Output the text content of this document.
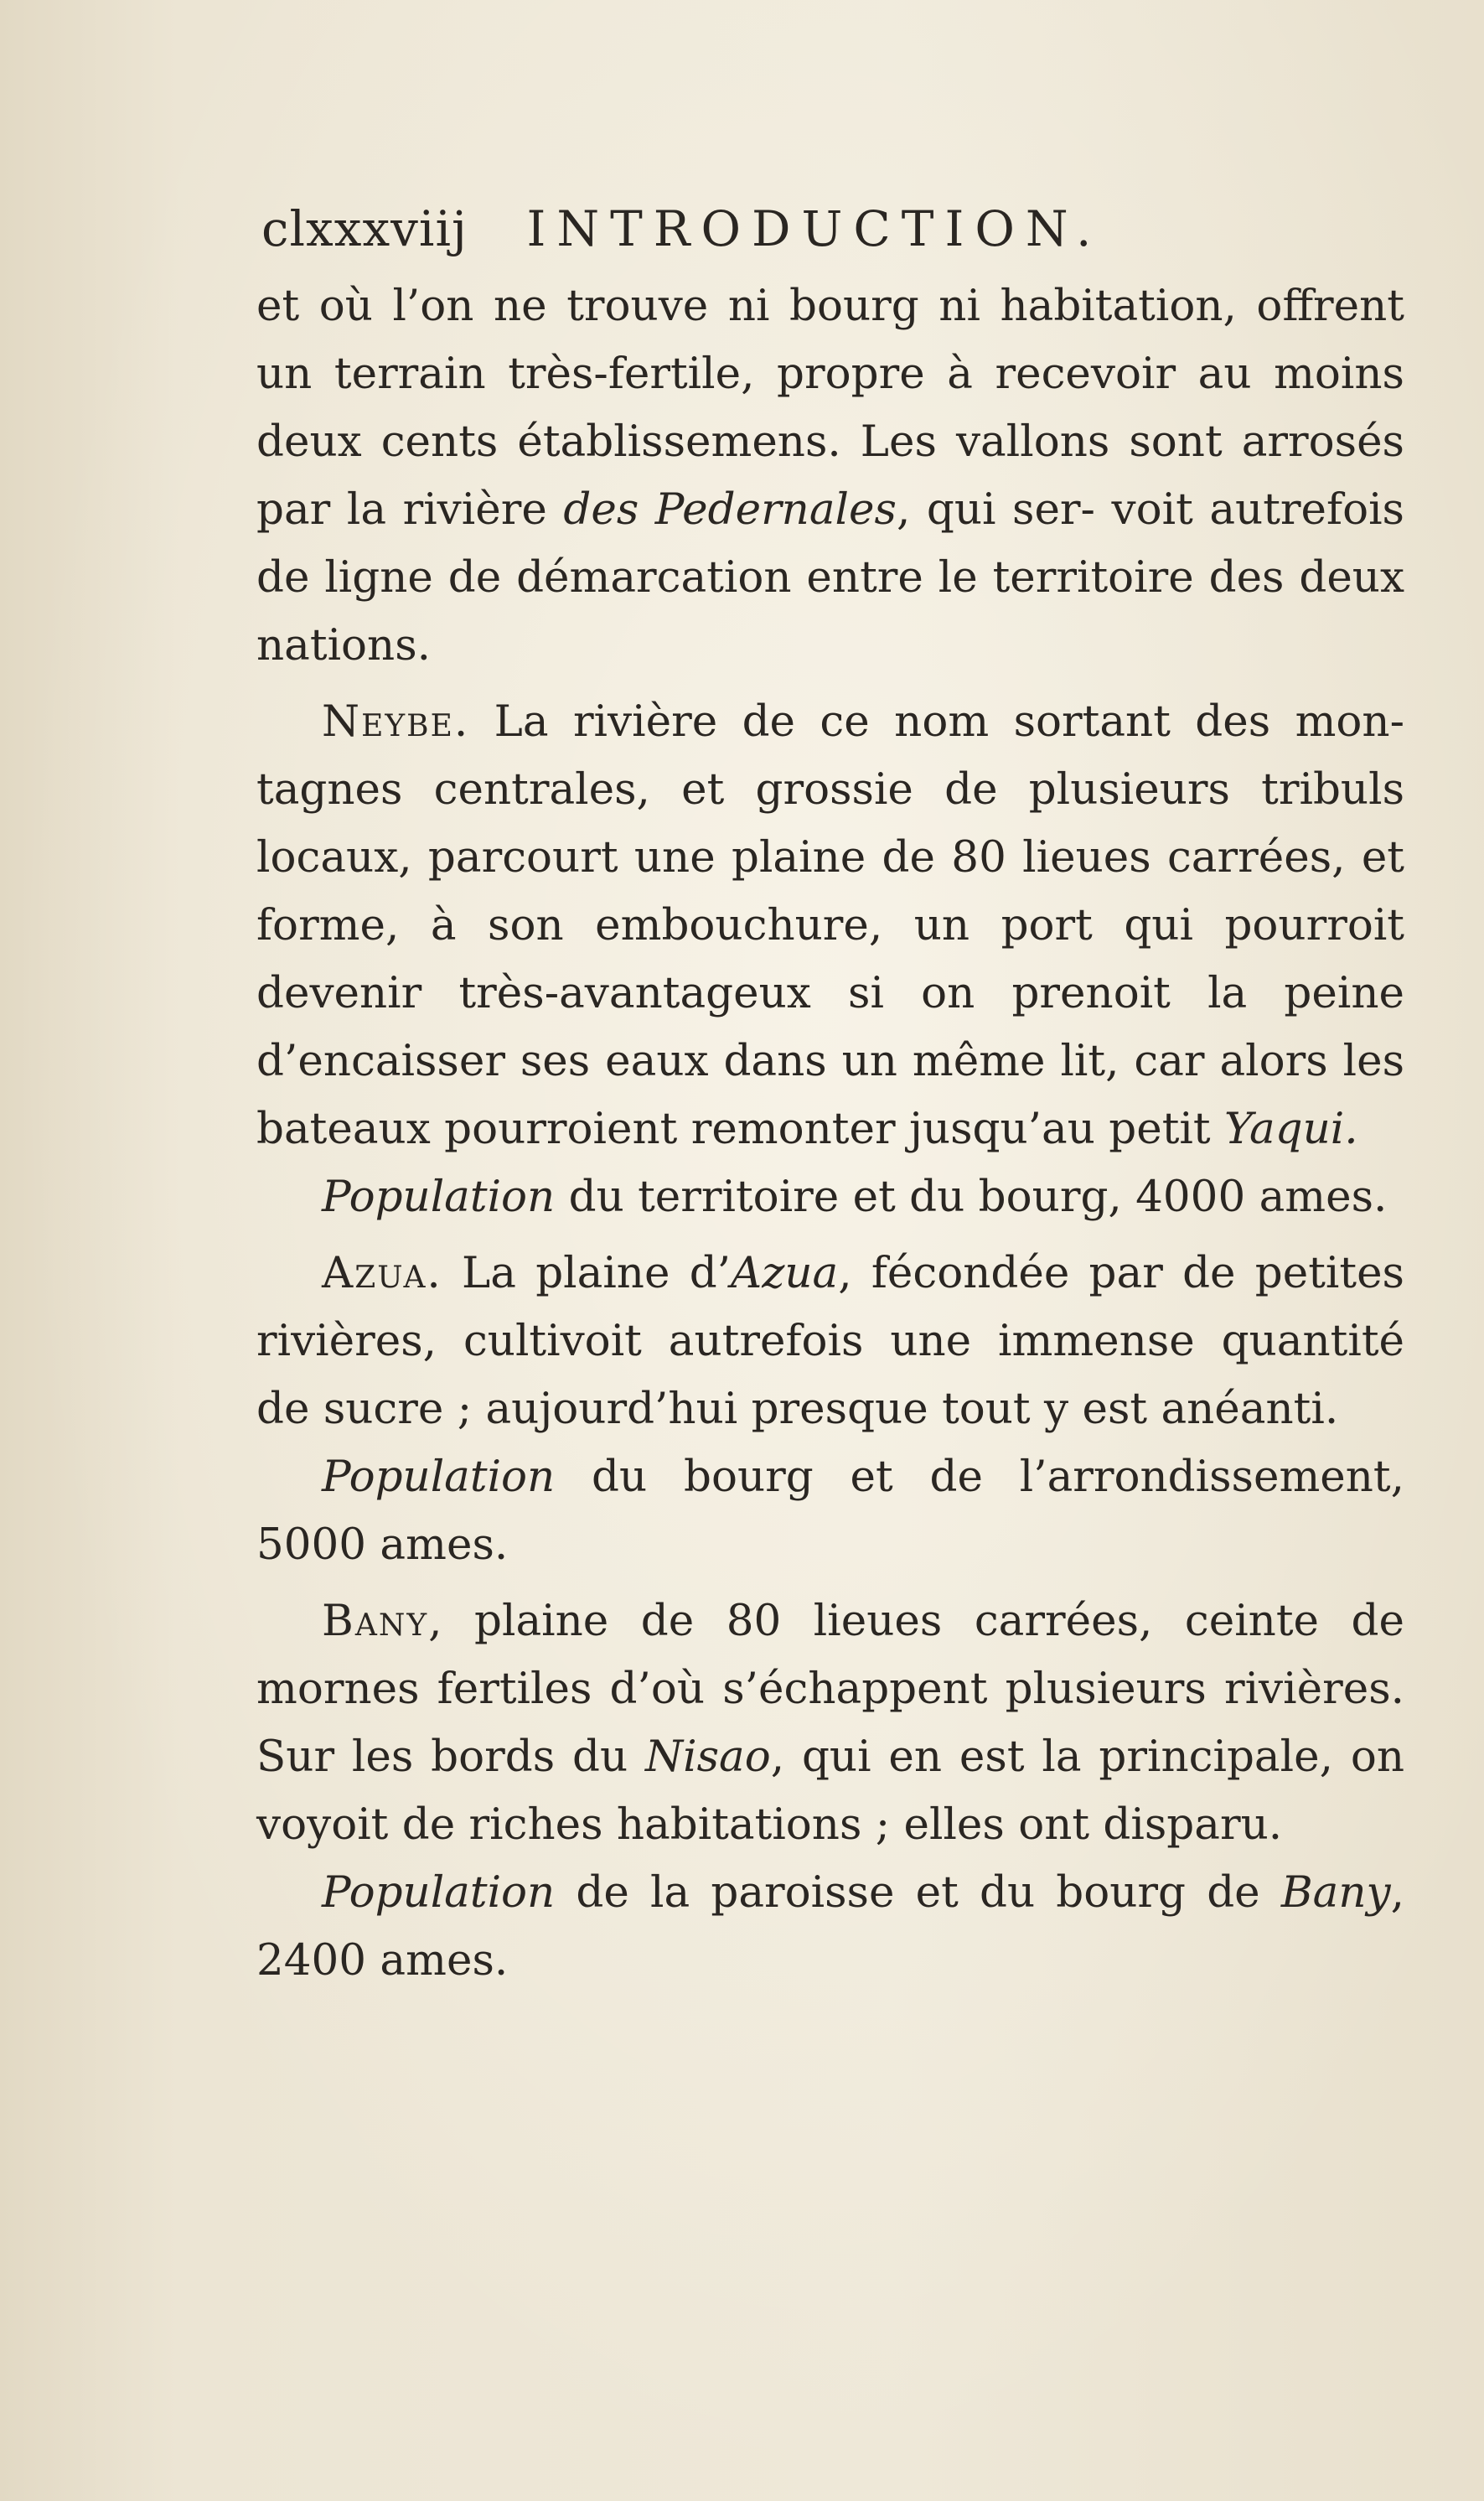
clxxxviij INTRODUCTION.

et où l’on ne trouve ni bourg ni habitation, offrent un terrain très-fertile, propre à recevoir au moins deux cents établissemens. Les vallons sont arrosés par la rivière des Pedernales, qui ser- voit autrefois de ligne de démarcation entre le territoire des deux nations.

Neybe. La rivière de ce nom sortant des mon-tagnes centrales, et grossie de plusieurs tribuls locaux, parcourt une plaine de 80 lieues carrées, et forme, à son embouchure, un port qui pourroit devenir très-avantageux si on prenoit la peine d’encaisser ses eaux dans un même lit, car alors les bateaux pourroient remonter jusqu’au petit Yaqui.

Population du territoire et du bourg, 4000 ames.

Azua. La plaine d’Azua, fécondée par de petites rivières, cultivoit autrefois une immense quantité de sucre ; aujourd’hui presque tout y est anéanti.

Population du bourg et de l’arrondissement, 5000 ames.

Bany, plaine de 80 lieues carrées, ceinte de mornes fertiles d’où s’échappent plusieurs rivières. Sur les bords du Nisao, qui en est la principale, on voyoit de riches habitations ; elles ont disparu.

Population de la paroisse et du bourg de Bany, 2400 ames.
